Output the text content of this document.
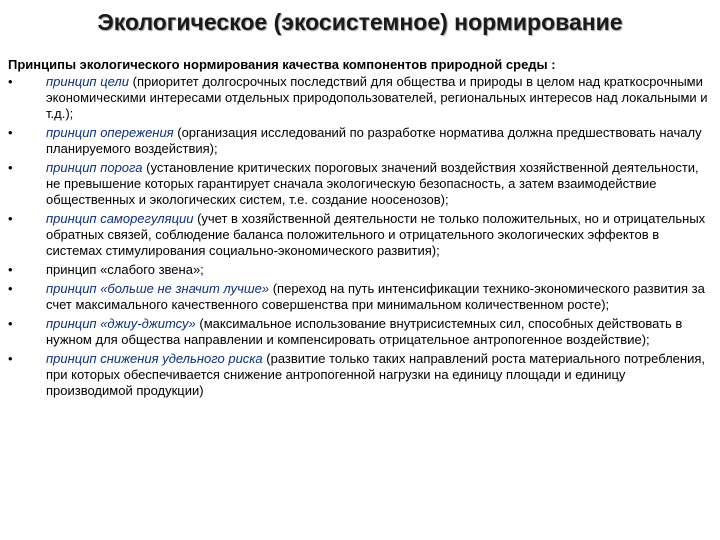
Экологическое (экосистемное) нормирование
Принципы экологического нормирования качества компонентов природной среды :
•	принцип цели (приоритет долгосрочных последствий для общества и природы в целом над краткосрочными экономическими интересами отдельных природопользователей, региональных интересов над локальными и т.д.);
•	принцип опережения (организация исследований по разработке норматива должна предшествовать началу планируемого воздействия);
•	принцип порога (установление критических пороговых значений воздействия хозяйственной деятельности, не превышение которых гарантирует сначала экологическую безопасность, а затем взаимодействие общественных и экологических систем, т.е. создание ноосенозов);
•	принцип саморегуляции (учет в хозяйственной деятельности не только положительных, но и отрицательных обратных связей, соблюдение баланса положительного и отрицательного экологических эффектов в системах стимулирования социально-экономического развития);
•	принцип «слабого звена»;
•	принцип «больше не значит лучше» (переход на путь интенсификации технико-экономического развития за счет максимального качественного совершенства при минимальном количественном росте);
•	принцип «джиу-джитсу» (максимальное использование внутрисистемных сил, способных действовать в нужном для общества направлении и компенсировать отрицательное антропогенное воздействие);
•	принцип снижения удельного риска (развитие только таких направлений роста материального потребления, при которых обеспечивается снижение антропогенной нагрузки на единицу площади и единицу производимой продукции)
